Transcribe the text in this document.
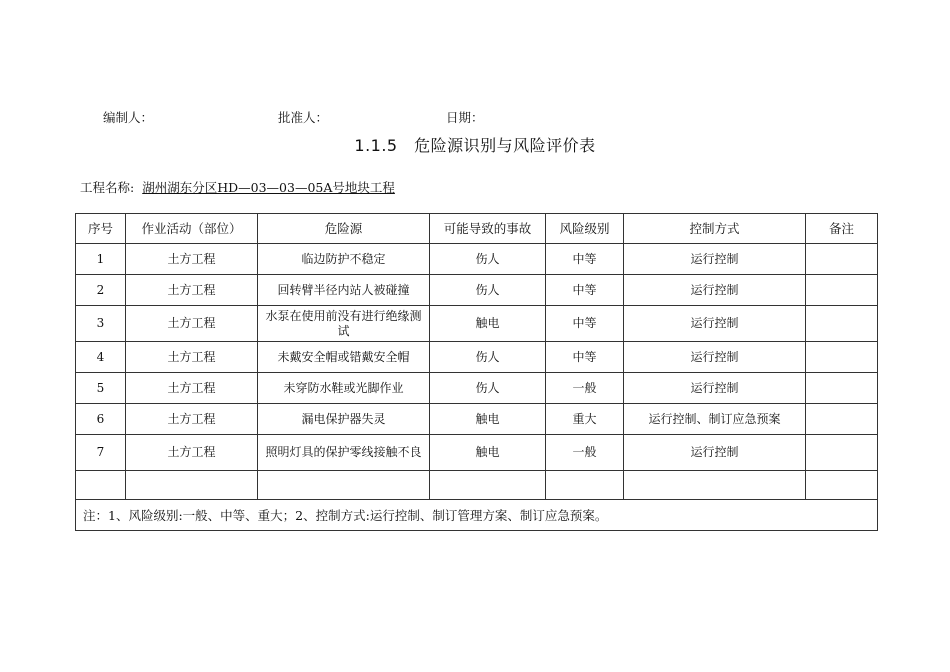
编制人：	批准人：	日期：
1.1.5　危险源识别与风险评价表
工程名称: 湖州湖东分区HD—03—03—05A号地块工程
序号	作业活动（部位）	危险源	可能导致的事故	风险级别	控制方式	备注
1	土方工程	临边防护不稳定	伤人	中等	运行控制	
2	土方工程	回转臂半径内站人被碰撞	伤人	中等	运行控制	
3	土方工程	水泵在使用前没有进行绝缘测试	触电	中等	运行控制	
4	土方工程	未戴安全帽或错戴安全帽	伤人	中等	运行控制	
5	土方工程	未穿防水鞋或光脚作业	伤人	一般	运行控制	
6	土方工程	漏电保护器失灵	触电	重大	运行控制、制订应急预案	
7	土方工程	照明灯具的保护零线接触不良	触电	一般	运行控制	

注：1、风险级别:一般、中等、重大；2、控制方式:运行控制、制订管理方案、制订应急预案。						
